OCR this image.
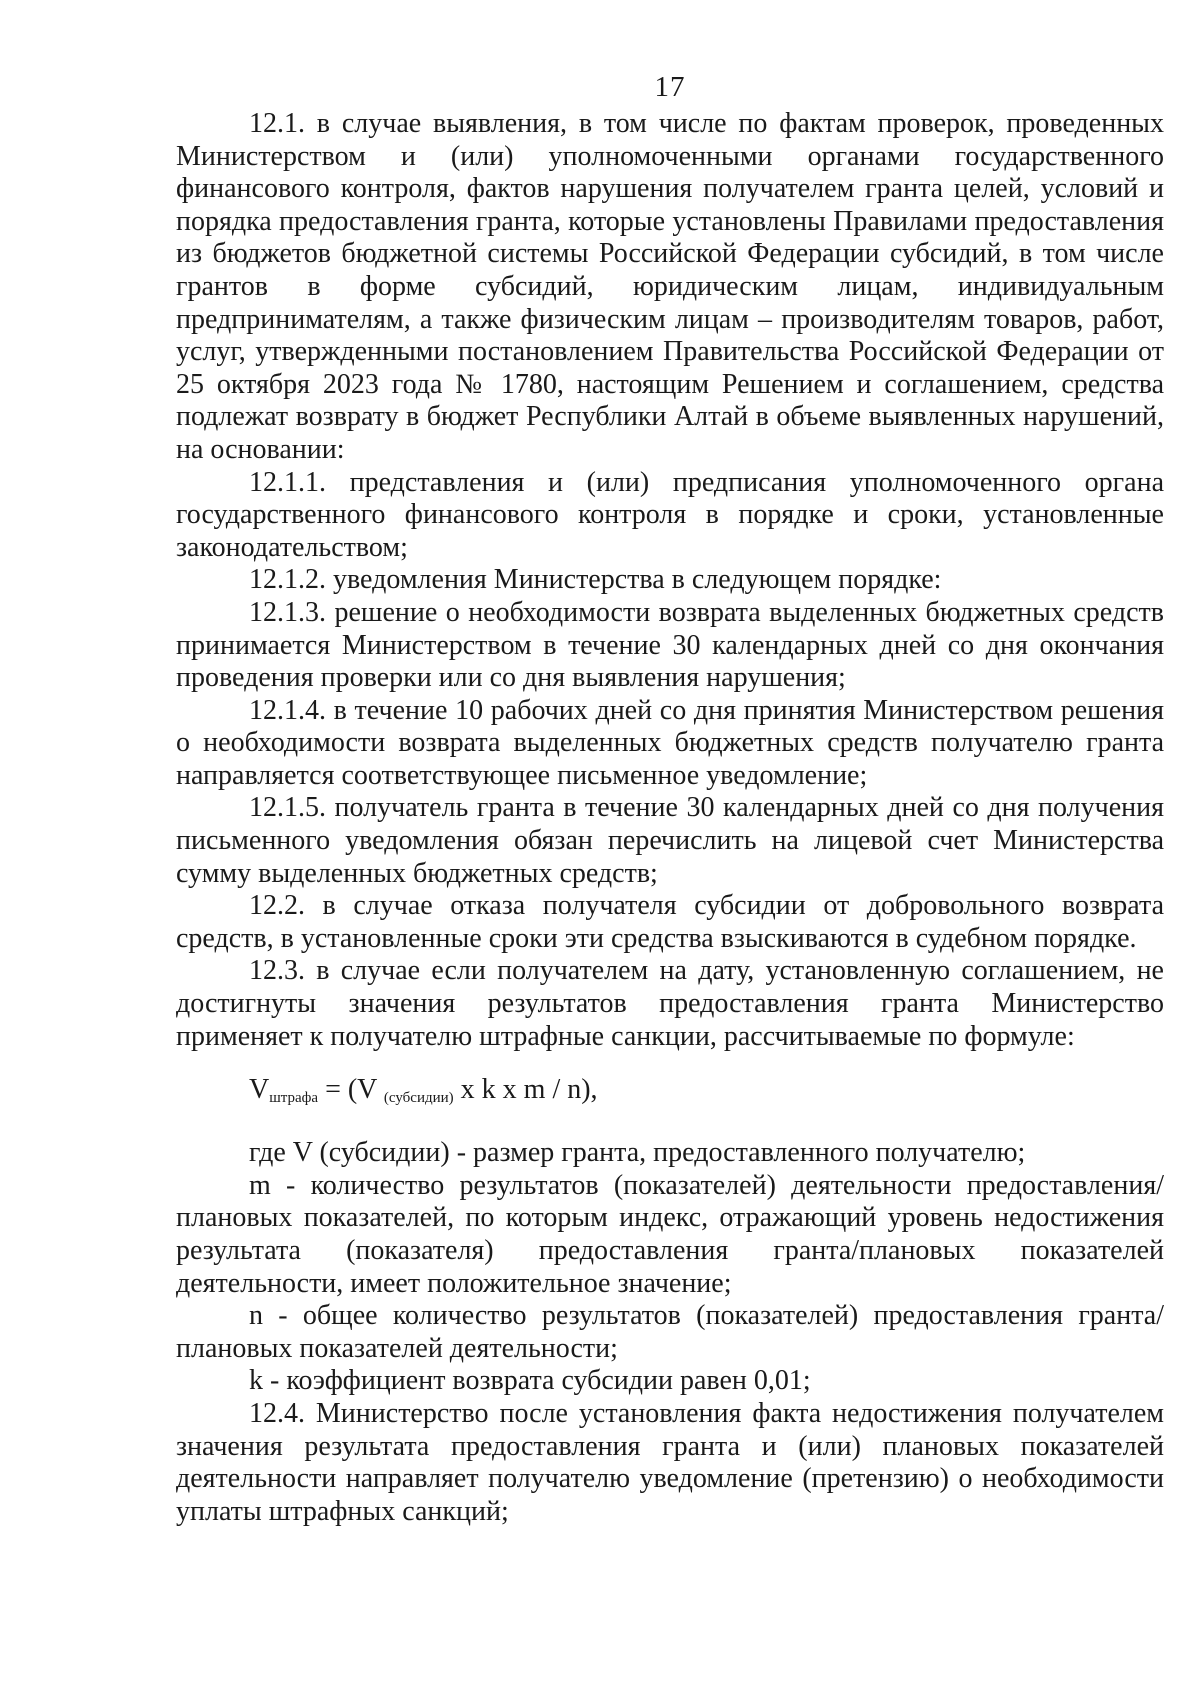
17

12.1. в случае выявления, в том числе по фактам проверок, проведенных Министерством и (или) уполномоченными органами государственного финансового контроля, фактов нарушения получателем гранта целей, условий и порядка предоставления гранта, которые установлены Правилами предоставления из бюджетов бюджетной системы Российской Федерации субсидий, в том числе грантов в форме субсидий, юридическим лицам, индивидуальным предпринимателям, а также физическим лицам – производителям товаров, работ, услуг, утвержденными постановлением Правительства Российской Федерации от 25 октября 2023 года № 1780, настоящим Решением и соглашением, средства подлежат возврату в бюджет Республики Алтай в объеме выявленных нарушений, на основании:

12.1.1. представления и (или) предписания уполномоченного органа государственного финансового контроля в порядке и сроки, установленные законодательством;

12.1.2. уведомления Министерства в следующем порядке:

12.1.3. решение о необходимости возврата выделенных бюджетных средств принимается Министерством в течение 30 календарных дней со дня окончания проведения проверки или со дня выявления нарушения;

12.1.4. в течение 10 рабочих дней со дня принятия Министерством решения о необходимости возврата выделенных бюджетных средств получателю гранта направляется соответствующее письменное уведомление;

12.1.5. получатель гранта в течение 30 календарных дней со дня получения письменного уведомления обязан перечислить на лицевой счет Министерства сумму выделенных бюджетных средств;

12.2. в случае отказа получателя субсидии от добровольного возврата средств, в установленные сроки эти средства взыскиваются в судебном порядке.

12.3. в случае если получателем на дату, установленную соглашением, не достигнуты значения результатов предоставления гранта Министерство применяет к получателю штрафные санкции, рассчитываемые по формуле:

$V_{штрафа} = (V$ $_{(субсидии)}$ x k x m / n),

где V (субсидии) - размер гранта, предоставленного получателю;

m - количество результатов (показателей) деятельности предоставления/плановых показателей, по которым индекс, отражающий уровень недостижения результата (показателя) предоставления гранта/плановых показателей деятельности, имеет положительное значение;

n - общее количество результатов (показателей) предоставления гранта/плановых показателей деятельности;

k - коэффициент возврата субсидии равен 0,01;

12.4. Министерство после установления факта недостижения получателем значения результата предоставления гранта и (или) плановых показателей деятельности направляет получателю уведомление (претензию) о необходимости уплаты штрафных санкций;
